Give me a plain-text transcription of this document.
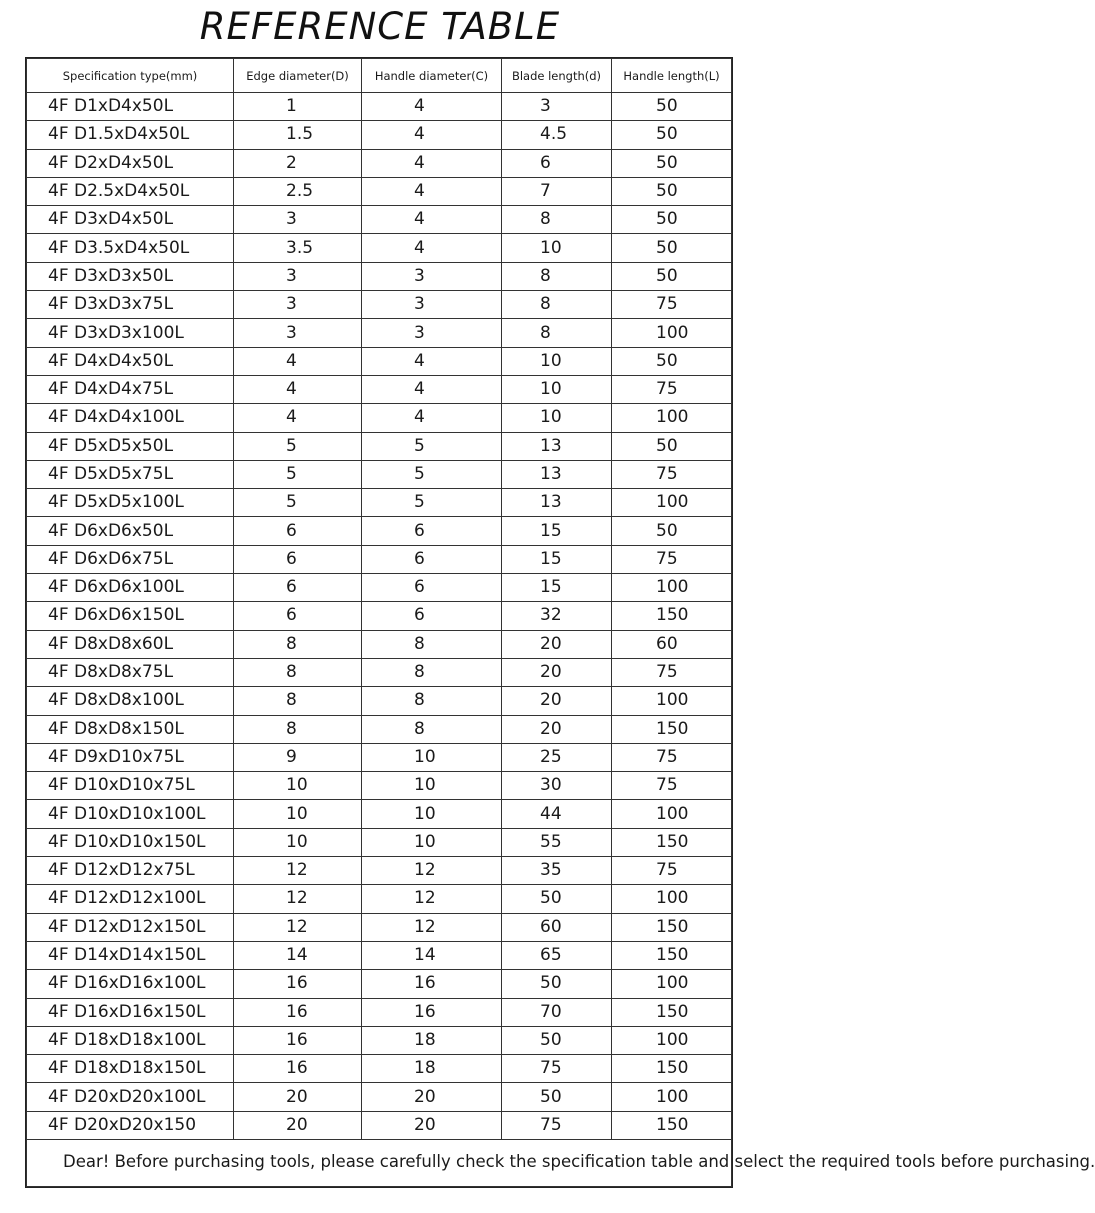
REFERENCE TABLE
Specification type(mm)	Edge diameter(D)	Handle diameter(C)	Blade length(d)	Handle length(L)
4F D1xD4x50L	1	4	3	50
4F D1.5xD4x50L	1.5	4	4.5	50
4F D2xD4x50L	2	4	6	50
4F D2.5xD4x50L	2.5	4	7	50
4F D3xD4x50L	3	4	8	50
4F D3.5xD4x50L	3.5	4	10	50
4F D3xD3x50L	3	3	8	50
4F D3xD3x75L	3	3	8	75
4F D3xD3x100L	3	3	8	100
4F D4xD4x50L	4	4	10	50
4F D4xD4x75L	4	4	10	75
4F D4xD4x100L	4	4	10	100
4F D5xD5x50L	5	5	13	50
4F D5xD5x75L	5	5	13	75
4F D5xD5x100L	5	5	13	100
4F D6xD6x50L	6	6	15	50
4F D6xD6x75L	6	6	15	75
4F D6xD6x100L	6	6	15	100
4F D6xD6x150L	6	6	32	150
4F D8xD8x60L	8	8	20	60
4F D8xD8x75L	8	8	20	75
4F D8xD8x100L	8	8	20	100
4F D8xD8x150L	8	8	20	150
4F D9xD10x75L	9	10	25	75
4F D10xD10x75L	10	10	30	75
4F D10xD10x100L	10	10	44	100
4F D10xD10x150L	10	10	55	150
4F D12xD12x75L	12	12	35	75
4F D12xD12x100L	12	12	50	100
4F D12xD12x150L	12	12	60	150
4F D14xD14x150L	14	14	65	150
4F D16xD16x100L	16	16	50	100
4F D16xD16x150L	16	16	70	150
4F D18xD18x100L	16	18	50	100
4F D18xD18x150L	16	18	75	150
4F D20xD20x100L	20	20	50	100
4F D20xD20x150	20	20	75	150
Dear! Before purchasing tools, please carefully check the specification table and select the required tools before purchasing.				
